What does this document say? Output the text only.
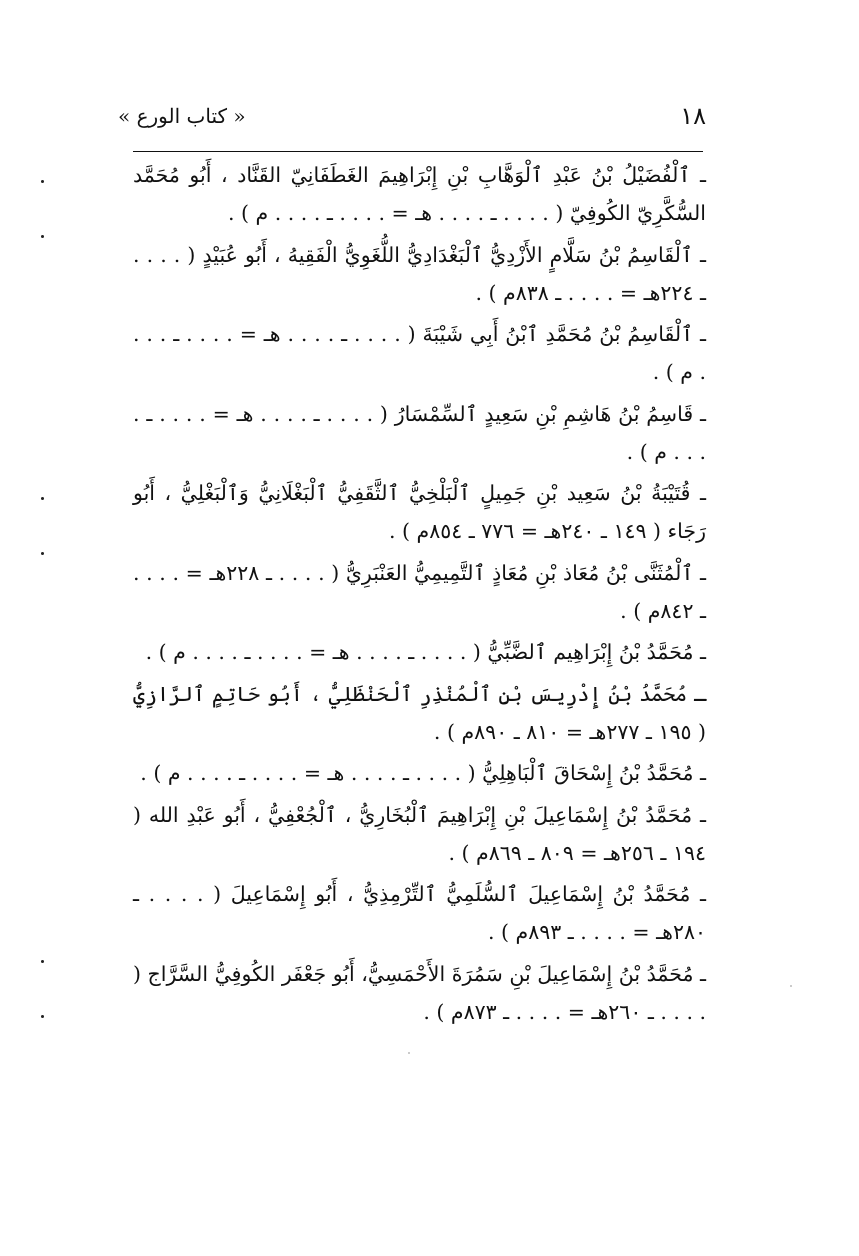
١٨
« كتاب الورع »
ـ ٱلْفُضَيْلُ بْنُ عَبْدِ ٱلْوَهَّابِ بْنِ إِبْرَاهِيمَ الغَطَفَانِيّ القَنَّاد ، أَبُو مُحَمَّد السُّكَّرِيّ الكُوفِيّ ( . . . . ـ . . . . هـ = . . . . ـ . . . . م ) .
ـ ٱلْقَاسِمُ بْنُ سَلَّامٍ الأَزْدِيُّ ٱلْبَغْدَادِيُّ اللُّغَوِيُّ الْفَقِيهُ ، أَبُو عُبَيْدٍ ( . . . . ـ ٢٢٤هـ = . . . . ـ ٨٣٨م ) .
ـ ٱلْقَاسِمُ بْنُ مُحَمَّدِ ٱبْنُ أَبِي شَيْبَةَ ( . . . . ـ . . . . هـ = . . . . ـ . . . . م ) .
ـ قَاسِمُ بْنُ هَاشِمِ بْنِ سَعِيدٍ ٱلسِّمْسَارُ ( . . . . ـ . . . . هـ = . . . . ـ . . . . م ) .
ـ قُتَيْبَةُ بْنُ سَعِيد بْنِ جَمِيلٍ ٱلْبَلْخِيُّ ٱلثَّقَفِيُّ ٱلْبَغْلَانِيُّ وَٱلْبَغْلِيُّ ، أَبُو رَجَاء ( ١٤٩ ـ ٢٤٠هـ = ٧٧٦ ـ ٨٥٤م ) .
ـ ٱلْمُثَنَّى بْنُ مُعَاذ بْنِ مُعَاذٍ ٱلتَّمِيمِيُّ العَنْبَرِيُّ ( . . . . ـ ٢٢٨هـ = . . . . ـ ٨٤٢م ) .
ـ مُحَمَّدُ بْنُ إِبْرَاهِيم ٱلضَّبِّيُّ ( . . . . ـ . . . . هـ = . . . . ـ . . . . م ) .
ـ مُحَمَّدُ بْنُ إِدْرِيسَ بْنِ ٱلْمُنْذِرِ ٱلْحَنْظَلِيُّ ، أَبُو حَاتِمٍ ٱلرَّازِيُّ ( ١٩٥ ـ ٢٧٧هـ = ٨١٠ ـ ٨٩٠م ) .
ـ مُحَمَّدُ بْنُ إِسْحَاقَ ٱلْبَاهِلِيُّ ( . . . . ـ . . . . هـ = . . . . ـ . . . . م ) .
ـ مُحَمَّدُ بْنُ إِسْمَاعِيلَ بْنِ إِبْرَاهِيمَ ٱلْبُخَارِيُّ ، ٱلْجُعْفِيُّ ، أَبُو عَبْدِ الله ( ١٩٤ ـ ٢٥٦هـ = ٨٠٩ ـ ٨٦٩م ) .
ـ مُحَمَّدُ بْنُ إِسْمَاعِيلَ ٱلسُّلَمِيُّ ٱلتِّرْمِذِيُّ ، أَبُو إِسْمَاعِيلَ ( . . . . ـ ٢٨٠هـ = . . . . ـ ٨٩٣م ) .
ـ مُحَمَّدُ بْنُ إِسْمَاعِيلَ بْنِ سَمُرَةَ الأَحْمَسِيُّ، أَبُو جَعْفَر الكُوفِيُّ السَّرَّاج ( . . . . ـ ٢٦٠هـ = . . . . ـ ٨٧٣م ) .
